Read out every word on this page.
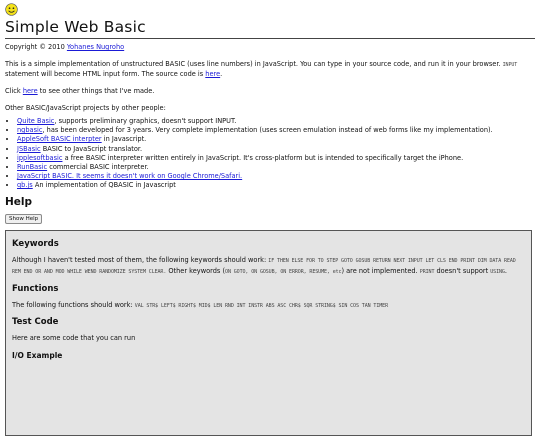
Simple Web Basic

Copyright © 2010 Yohanes Nugroho

This is a simple implementation of unstructured BASIC (uses line numbers) in JavaScript. You can type in your source code, and run it in your browser. INPUT statement will become HTML input form. The source code is here.

Click here to see other things that I've made.

Other BASIC/JavaScript projects by other people:

• Quite Basic, supports preliminary graphics, doesn't support INPUT.
• ngbasic, has been developed for 3 years. Very complete implementation (uses screen emulation instead of web forms like my implementation).
• AppleSoft BASIC interpter in Javascript.
• JSBasic BASIC to JavaScript translator.
• ipplesoftbasic a free BASIC interpreter written entirely in JavaScript. It's cross-platform but is intended to specifically target the iPhone.
• RunBasic commercial BASIC interpreter.
• JavaScript BASIC. It seems it doesn't work on Google Chrome/Safari.
• qb.js An implementation of QBASIC in Javascript
Help
Show Help
Keywords

Although I haven't tested most of them, the following keywords should work: IF THEN ELSE FOR TO STEP GOTO GOSUB RETURN NEXT INPUT LET CLS END PRINT DIM DATA READ REM END OR AND MOD WHILE WEND RANDOMIZE SYSTEM CLEAR. Other keywords (ON GOTO, ON GOSUB, ON ERROR, RESUME, etc) are not implemented. PRINT doesn't support USING.

Functions

The following functions should work: VAL STR$ LEFT$ RIGHT$ MID$ LEN RND INT INSTR ABS ASC CHR$ SQR STRING$ SIN COS TAN TIMER

Test Code

Here are some code that you can run

I/O Example
